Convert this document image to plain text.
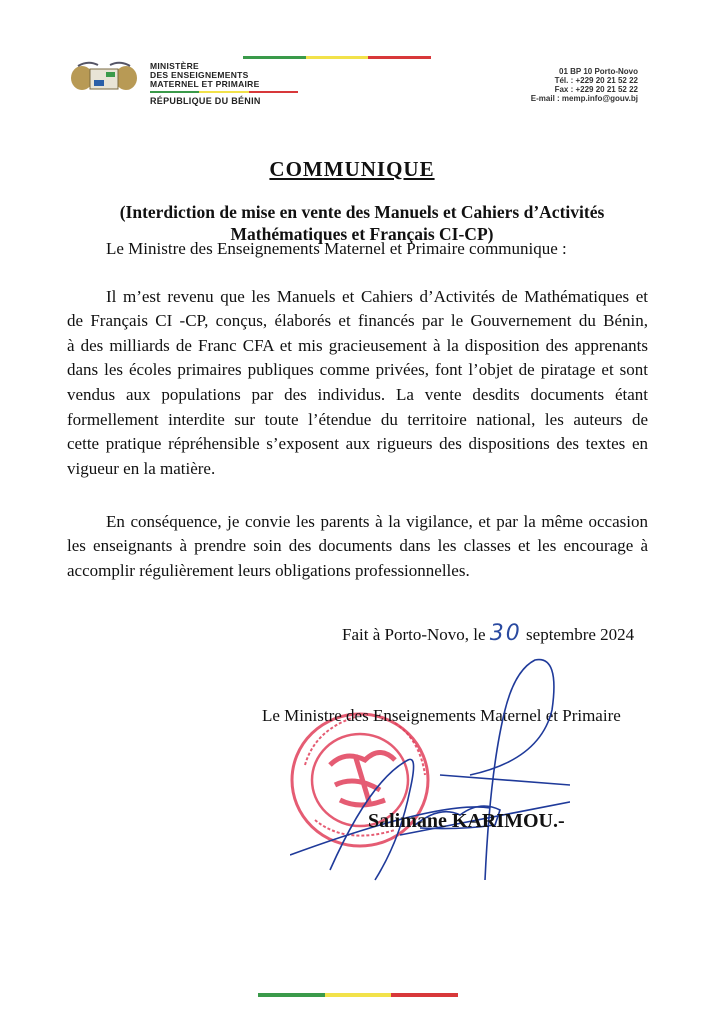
MINISTÈRE
DES ENSEIGNEMENTS
MATERNEL ET PRIMAIRE
RÉPUBLIQUE DU BÉNIN
01 BP 10 Porto-Novo
Tél. : +229 20 21 52 22
Fax : +229 20 21 52 22
E-mail : memp.info@gouv.bj
COMMUNIQUE
(Interdiction de mise en vente des Manuels et Cahiers d’Activités
Mathématiques et Français CI-CP)
Le Ministre des Enseignements Maternel et Primaire communique :
Il m’est revenu que les Manuels et Cahiers d’Activités de Mathématiques et
de Français CI -CP, conçus, élaborés et financés par le Gouvernement du Bénin,
à des milliards de Franc CFA et mis gracieusement à la disposition des apprenants
dans les écoles primaires publiques comme privées, font l’objet de piratage et sont
vendus aux populations par des individus. La vente desdits documents étant
formellement interdite sur toute l’étendue du territoire national, les auteurs de
cette pratique répréhensible s’exposent aux rigueurs des dispositions des textes en
vigueur en la matière.
En conséquence, je convie les parents à la vigilance, et par la même occasion
les enseignants à prendre soin des documents dans les classes et les encourage à
accomplir régulièrement leurs obligations professionnelles.
Fait à Porto-Novo, le 30 septembre 2024
Le Ministre des Enseignements Maternel et Primaire
Salimane KARIMOU.-
